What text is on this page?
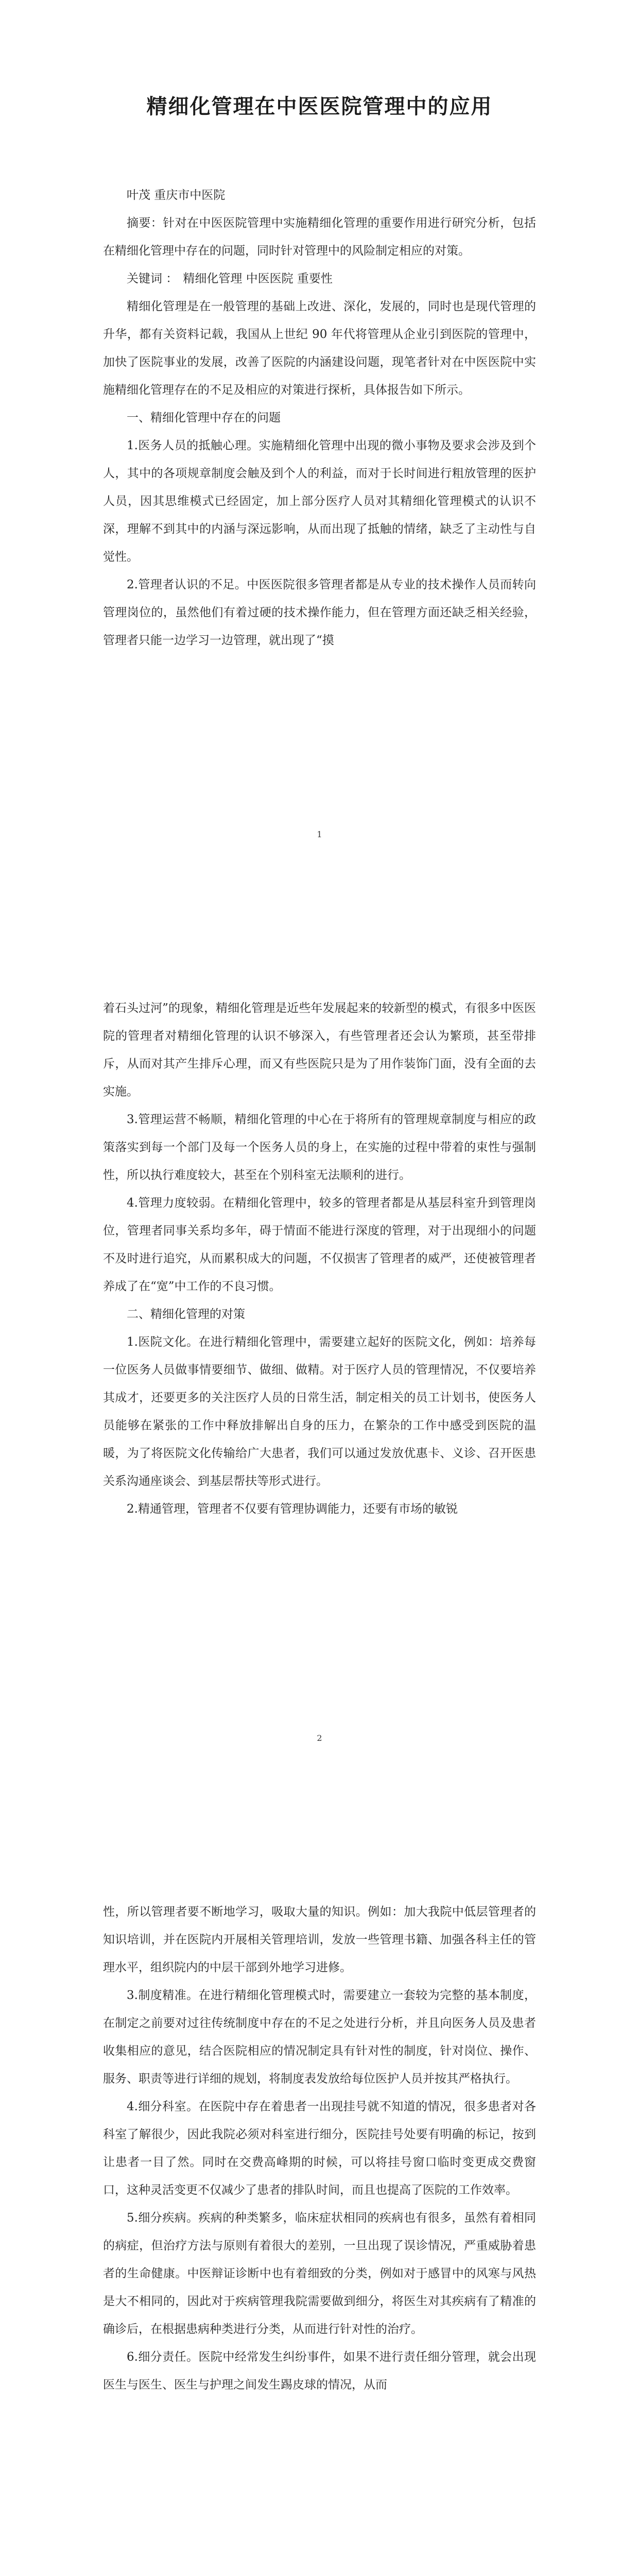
精细化管理在中医医院管理中的应用

叶茂 重庆市中医院

摘要：针对在中医医院管理中实施精细化管理的重要作用进行研究分析，包括在精细化管理中存在的问题，同时针对管理中的风险制定相应的对策。

关键词 ： 精细化管理 中医医院 重要性

精细化管理是在一般管理的基础上改进、深化，发展的，同时也是现代管理的升华，都有关资料记载，我国从上世纪 90 年代将管理从企业引到医院的管理中，加快了医院事业的发展，改善了医院的内涵建设问题，现笔者针对在中医医院中实施精细化管理存在的不足及相应的对策进行探析，具体报告如下所示。

一、精细化管理中存在的问题

1.医务人员的抵触心理。实施精细化管理中出现的微小事物及要求会涉及到个人，其中的各项规章制度会触及到个人的利益，而对于长时间进行粗放管理的医护人员，因其思维模式已经固定，加上部分医疗人员对其精细化管理模式的认识不深，理解不到其中的内涵与深远影响，从而出现了抵触的情绪，缺乏了主动性与自觉性。

2.管理者认识的不足。中医医院很多管理者都是从专业的技术操作人员而转向管理岗位的，虽然他们有着过硬的技术操作能力，但在管理方面还缺乏相关经验，管理者只能一边学习一边管理，就出现了“摸

1

着石头过河”的现象，精细化管理是近些年发展起来的较新型的模式，有很多中医医院的管理者对精细化管理的认识不够深入，有些管理者还会认为繁琐，甚至带排斥，从而对其产生排斥心理，而又有些医院只是为了用作装饰门面，没有全面的去实施。

3.管理运营不畅顺，精细化管理的中心在于将所有的管理规章制度与相应的政策落实到每一个部门及每一个医务人员的身上，在实施的过程中带着的束性与强制性，所以执行难度较大，甚至在个别科室无法顺利的进行。

4.管理力度较弱。在精细化管理中，较多的管理者都是从基层科室升到管理岗位，管理者同事关系均多年，碍于情面不能进行深度的管理，对于出现细小的问题不及时进行追究，从而累积成大的问题，不仅损害了管理者的威严，还使被管理者养成了在“宽”中工作的不良习惯。

二、精细化管理的对策

1.医院文化。在进行精细化管理中，需要建立起好的医院文化，例如：培养每一位医务人员做事情要细节、做细、做精。对于医疗人员的管理情况，不仅要培养其成才，还要更多的关注医疗人员的日常生活，制定相关的员工计划书，使医务人员能够在紧张的工作中释放排解出自身的压力，在繁杂的工作中感受到医院的温暖，为了将医院文化传输给广大患者，我们可以通过发放优惠卡、义诊、召开医患关系沟通座谈会、到基层帮扶等形式进行。

2.精通管理，管理者不仅要有管理协调能力，还要有市场的敏锐

2

性，所以管理者要不断地学习，吸取大量的知识。例如：加大我院中低层管理者的知识培训，并在医院内开展相关管理培训，发放一些管理书籍、加强各科主任的管理水平，组织院内的中层干部到外地学习进修。

3.制度精准。在进行精细化管理模式时，需要建立一套较为完整的基本制度，在制定之前要对过往传统制度中存在的不足之处进行分析，并且向医务人员及患者收集相应的意见，结合医院相应的情况制定具有针对性的制度，针对岗位、操作、服务、职责等进行详细的规划，将制度表发放给每位医护人员并按其严格执行。

4.细分科室。在医院中存在着患者一出现挂号就不知道的情况，很多患者对各科室了解很少，因此我院必须对科室进行细分，医院挂号处要有明确的标记，按到让患者一目了然。同时在交费高峰期的时候，可以将挂号窗口临时变更成交费窗口，这种灵活变更不仅减少了患者的排队时间，而且也提高了医院的工作效率。

5.细分疾病。疾病的种类繁多，临床症状相同的疾病也有很多，虽然有着相同的病症，但治疗方法与原则有着很大的差别，一旦出现了误诊情况，严重威胁着患者的生命健康。中医辩证诊断中也有着细致的分类，例如对于感冒中的风寒与风热是大不相同的，因此对于疾病管理我院需要做到细分，将医生对其疾病有了精准的确诊后，在根据患病种类进行分类，从而进行针对性的治疗。

6.细分责任。医院中经常发生纠纷事件，如果不进行责任细分管理，就会出现医生与医生、医生与护理之间发生踢皮球的情况，从而
